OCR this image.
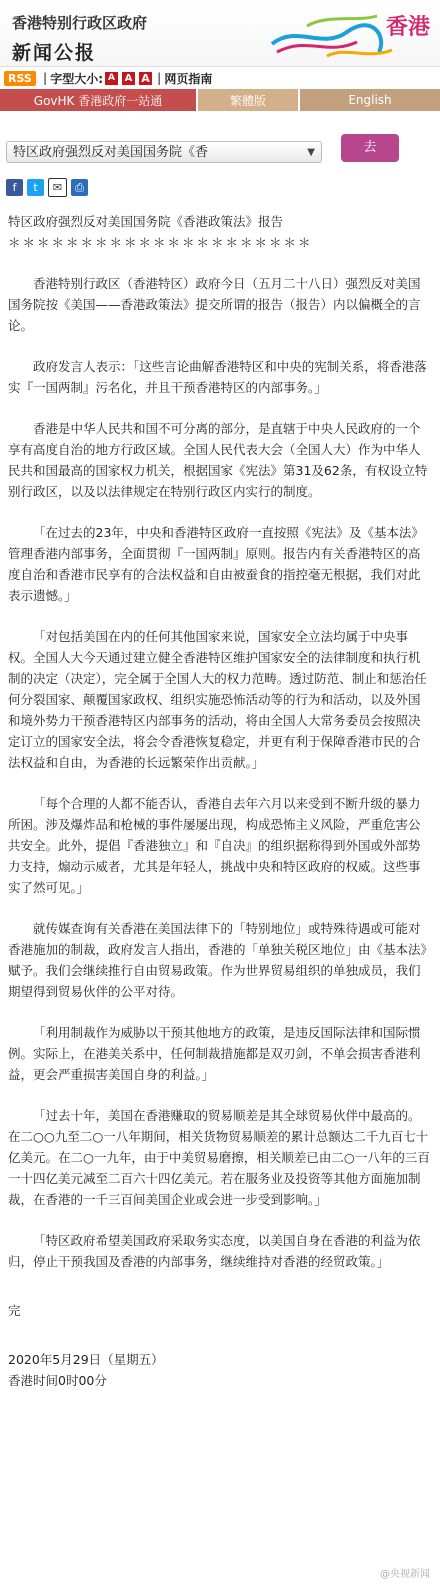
香港特别行政区政府
新闻公报
香港
RSS | 字型大小: A A A | 网页指南
GovHK 香港政府一站通	繁體版	English
特区政府强烈反对美国国务院《香	▼	去
f	t	✉	⎙

特区政府强烈反对美国国务院《香港政策法》报告

＊＊＊＊＊＊＊＊＊＊＊＊＊＊＊＊＊＊＊＊＊

香港特别行政区（香港特区）政府今日（五月二十八日）强烈反对美国国务院按《美国——香港政策法》提交所谓的报告（报告）内以偏概全的言论。

政府发言人表示：「这些言论曲解香港特区和中央的宪制关系，将香港落实『一国两制』污名化，并且干预香港特区的内部事务。」

香港是中华人民共和国不可分离的部分，是直辖于中央人民政府的一个享有高度自治的地方行政区域。全国人民代表大会（全国人大）作为中华人民共和国最高的国家权力机关，根据国家《宪法》第31及62条，有权设立特别行政区，以及以法律规定在特别行政区内实行的制度。

「在过去的23年，中央和香港特区政府一直按照《宪法》及《基本法》管理香港内部事务，全面贯彻『一国两制』原则。报告内有关香港特区的高度自治和香港市民享有的合法权益和自由被蚕食的指控毫无根据，我们对此表示遗憾。」

「对包括美国在内的任何其他国家来说，国家安全立法均属于中央事权。全国人大今天通过建立健全香港特区维护国家安全的法律制度和执行机制的决定（决定），完全属于全国人大的权力范畴。透过防范、制止和惩治任何分裂国家、颠覆国家政权、组织实施恐怖活动等的行为和活动，以及外国和境外势力干预香港特区内部事务的活动，将由全国人大常务委员会按照决定订立的国家安全法，将会令香港恢复稳定，并更有利于保障香港市民的合法权益和自由，为香港的长远繁荣作出贡献。」

「每个合理的人都不能否认，香港自去年六月以来受到不断升级的暴力所困。涉及爆炸品和枪械的事件屡屡出现，构成恐怖主义风险，严重危害公共安全。此外，提倡『香港独立』和『自决』的组织据称得到外国或外部势力支持，煽动示威者，尤其是年轻人，挑战中央和特区政府的权威。这些事实了然可见。」

就传媒查询有关香港在美国法律下的「特别地位」或特殊待遇或可能对香港施加的制裁，政府发言人指出，香港的「单独关税区地位」由《基本法》赋予。我们会继续推行自由贸易政策。作为世界贸易组织的单独成员，我们期望得到贸易伙伴的公平对待。

「利用制裁作为威胁以干预其他地方的政策，是违反国际法律和国际惯例。实际上，在港美关系中，任何制裁措施都是双刃剑，不单会损害香港利益，更会严重损害美国自身的利益。」

「过去十年，美国在香港赚取的贸易顺差是其全球贸易伙伴中最高的。在二○○九至二○一八年期间，相关货物贸易顺差的累计总额达二千九百七十亿美元。在二○一九年，由于中美贸易磨擦，相关顺差已由二○一八年的三百一十四亿美元减至二百六十四亿美元。若在服务业及投资等其他方面施加制裁，在香港的一千三百间美国企业或会进一步受到影响。」

「特区政府希望美国政府采取务实态度，以美国自身在香港的利益为依归，停止干预我国及香港的内部事务，继续维持对香港的经贸政策。」

完

2020年5月29日（星期五）

香港时间0时00分

@央视新闻
